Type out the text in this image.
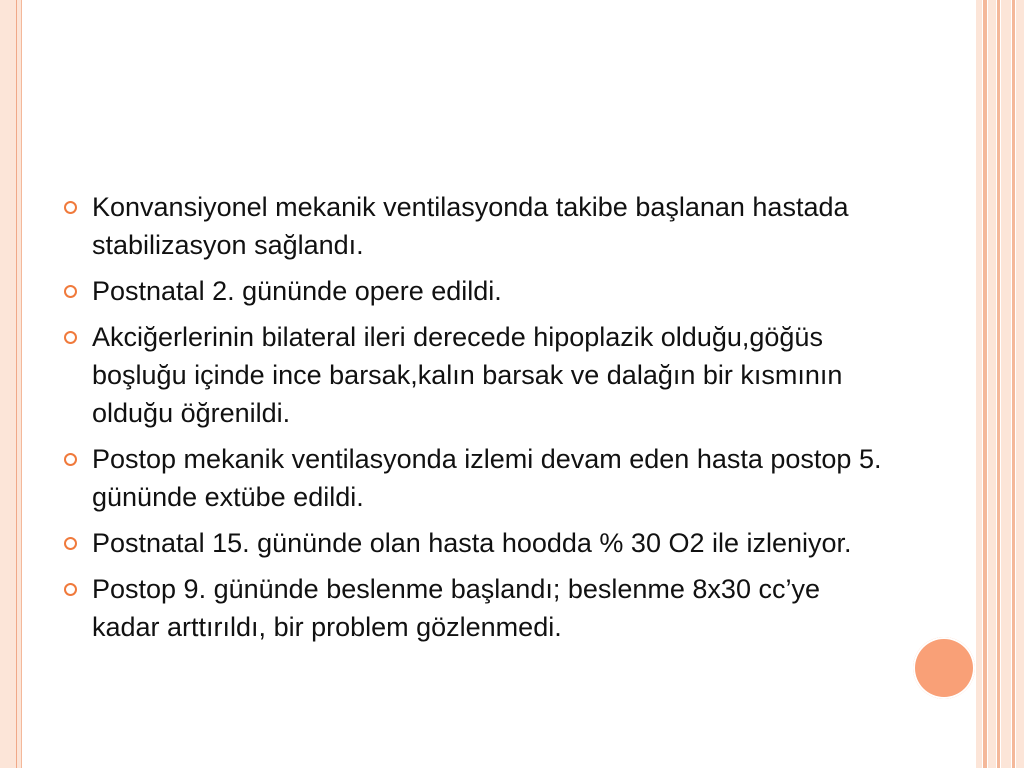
Konvansiyonel mekanik ventilasyonda takibe başlanan hastada stabilizasyon sağlandı.
Postnatal 2. gününde opere edildi.
Akciğerlerinin bilateral ileri derecede hipoplazik olduğu,göğüs boşluğu içinde ince barsak,kalın barsak ve dalağın bir kısmının olduğu öğrenildi.
Postop mekanik ventilasyonda izlemi devam eden hasta postop 5. gününde extübe edildi.
Postnatal 15. gününde olan hasta hoodda % 30 O2 ile izleniyor.
Postop 9. gününde beslenme başlandı; beslenme 8x30 cc’ye kadar arttırıldı, bir problem gözlenmedi.
